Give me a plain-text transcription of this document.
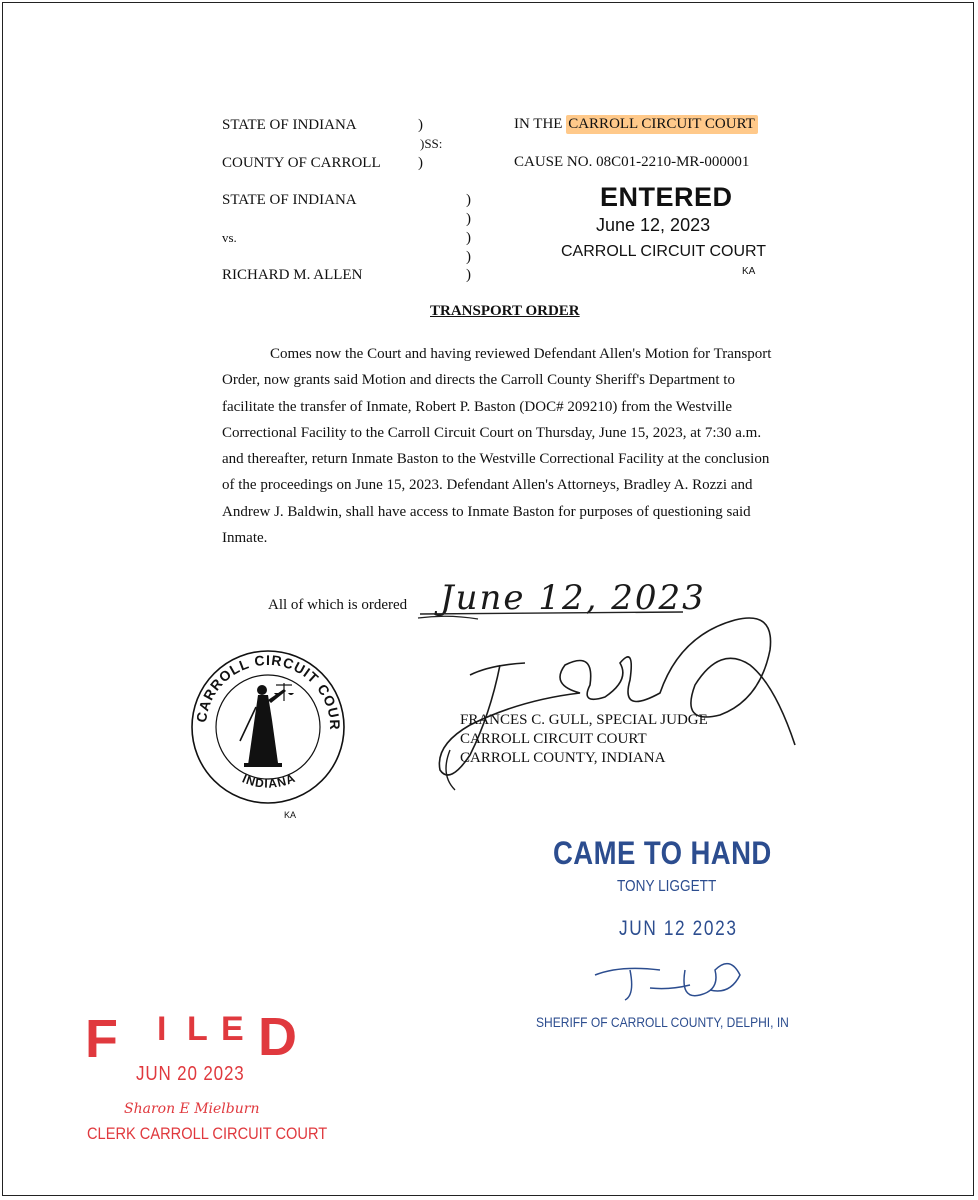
STATE OF INDIANA	)
)SS:
COUNTY OF CARROLL )
STATE OF INDIANA
vs.
RICHARD M. ALLEN
)
)
)
)
)
IN THE CARROLL CIRCUIT COURT
CAUSE NO. 08C01-2210-MR-000001
ENTERED
June 12, 2023
CARROLL CIRCUIT COURT
KA
TRANSPORT ORDER
Comes now the Court and having reviewed Defendant Allen's Motion for Transport Order, now grants said Motion and directs the Carroll County Sheriff's Department to facilitate the transfer of Inmate, Robert P. Baston (DOC# 209210) from the Westville Correctional Facility to the Carroll Circuit Court on Thursday, June 15, 2023, at 7:30 a.m. and thereafter, return Inmate Baston to the Westville Correctional Facility at the conclusion of the proceedings on June 15, 2023. Defendant Allen's Attorneys, Bradley A. Rozzi and Andrew J. Baldwin, shall have access to Inmate Baston for purposes of questioning said Inmate.
All of which is ordered June 12, 2023
FRANCES C. GULL, SPECIAL JUDGE
CARROLL CIRCUIT COURT
CARROLL COUNTY, INDIANA
CARROLL CIRCUIT COURT
INDIANA
KA
CAME TO HAND
TONY LIGGETT
JUN 12 2023
SHERIFF OF CARROLL COUNTY, DELPHI, IN
F I L E D
JUN 20 2023
Sharon E Mielburn
CLERK CARROLL CIRCUIT COURT
